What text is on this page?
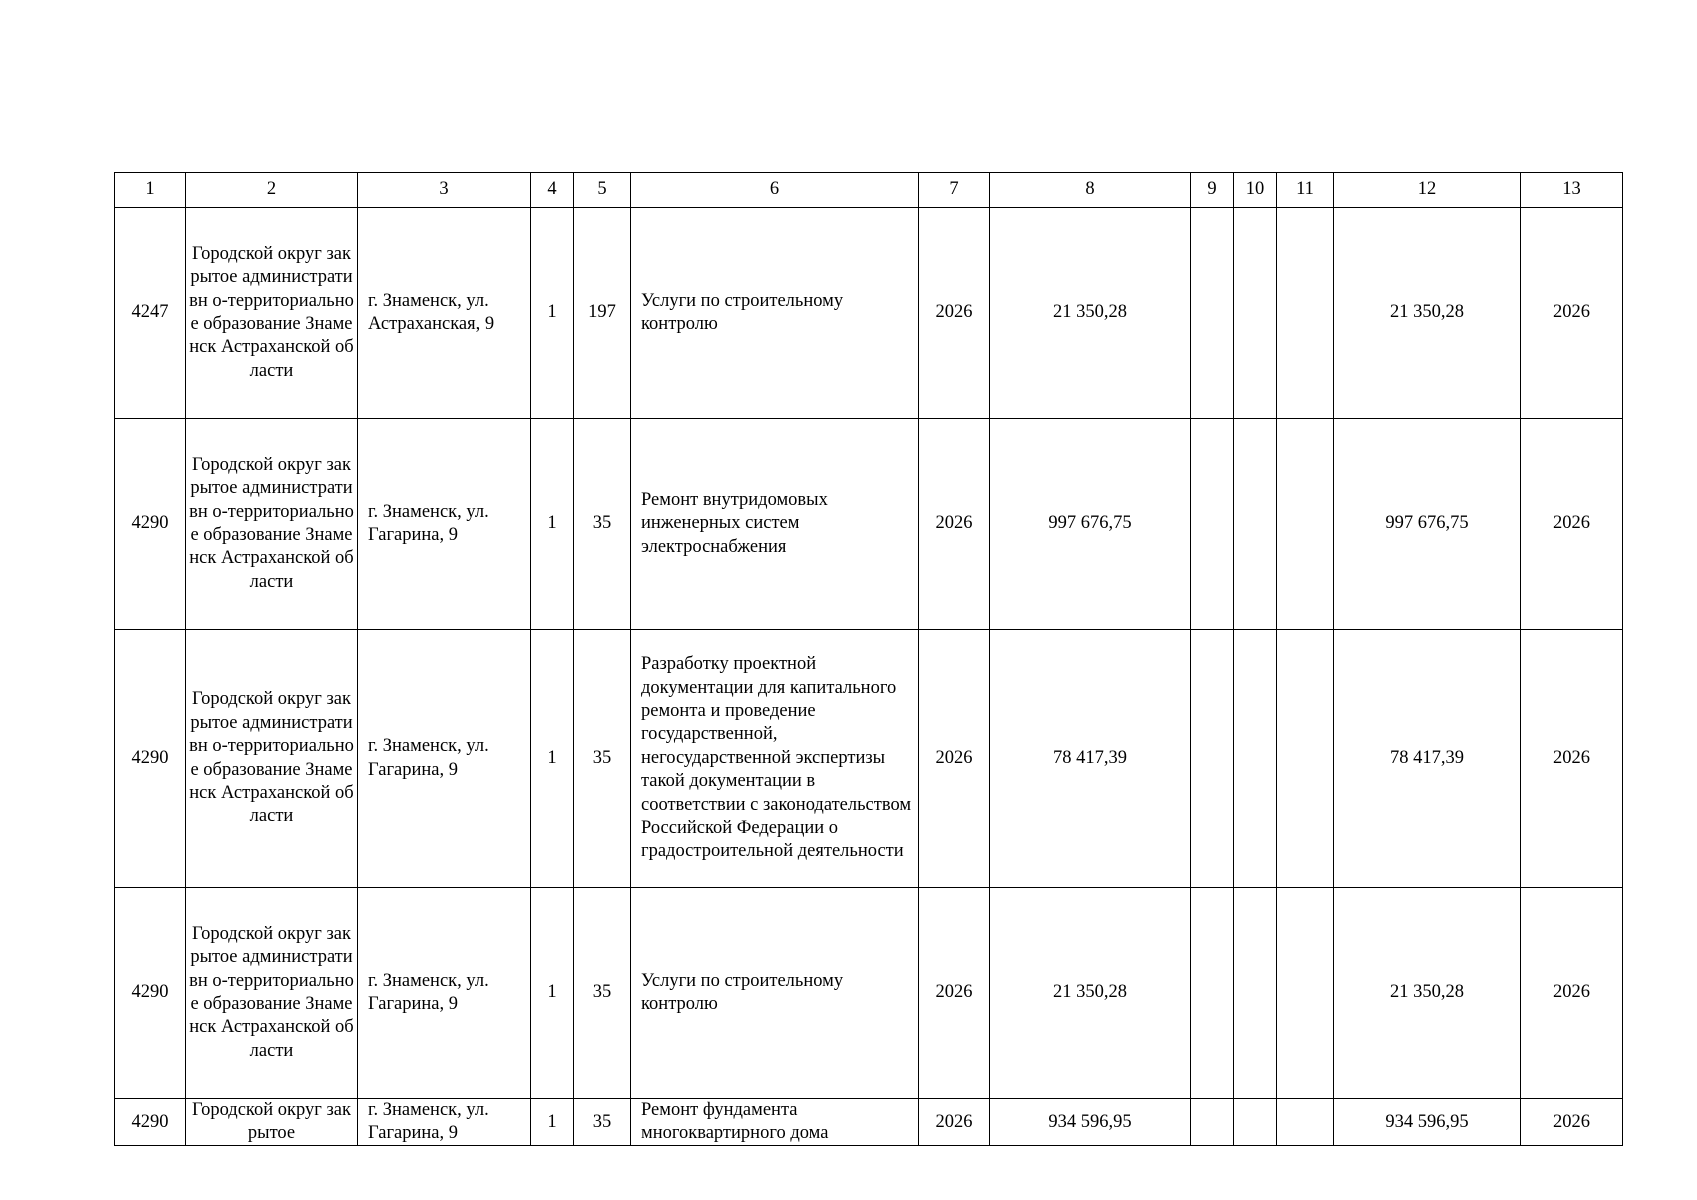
1	2	3	4	5	6	7	8	9	10	11	12	13
4247	Городской округ закрытое административн о-территориальное образование Знаменск Астраханской области	г. Знаменск, ул. Астраханская, 9	1	197	Услуги по строительному контролю	2026	21 350,28				21 350,28	2026
4290	Городской округ закрытое административн о-территориальное образование Знаменск Астраханской области	г. Знаменск, ул. Гагарина, 9	1	35	Ремонт внутридомовых инженерных систем электроснабжения	2026	997 676,75				997 676,75	2026
4290	Городской округ закрытое административн о-территориальное образование Знаменск Астраханской области	г. Знаменск, ул. Гагарина, 9	1	35	Разработку проектной документации для капитального ремонта и проведение государственной, негосударственной экспертизы такой документации в соответствии с законодательством Российской Федерации о градостроительной деятельности	2026	78 417,39				78 417,39	2026
4290	Городской округ закрытое административн о-территориальное образование Знаменск Астраханской области	г. Знаменск, ул. Гагарина, 9	1	35	Услуги по строительному контролю	2026	21 350,28				21 350,28	2026

4290	Городской округ закрытое	г. Знаменск, ул. Гагарина, 9	1	35	Ремонт фундамента многоквартирного дома	2026	934 596,95				934 596,95	2026
